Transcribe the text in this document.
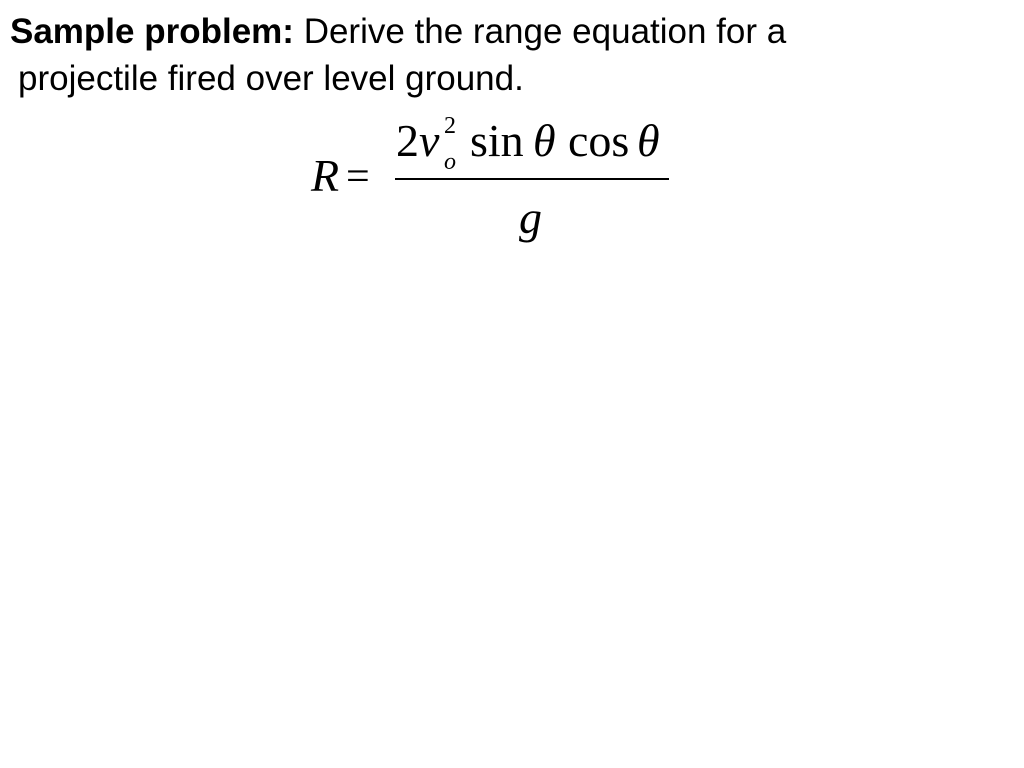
Sample problem: Derive the range equation for a
projectile fired over level ground.

R =
2 v 2
o sin θ cos θ
g
